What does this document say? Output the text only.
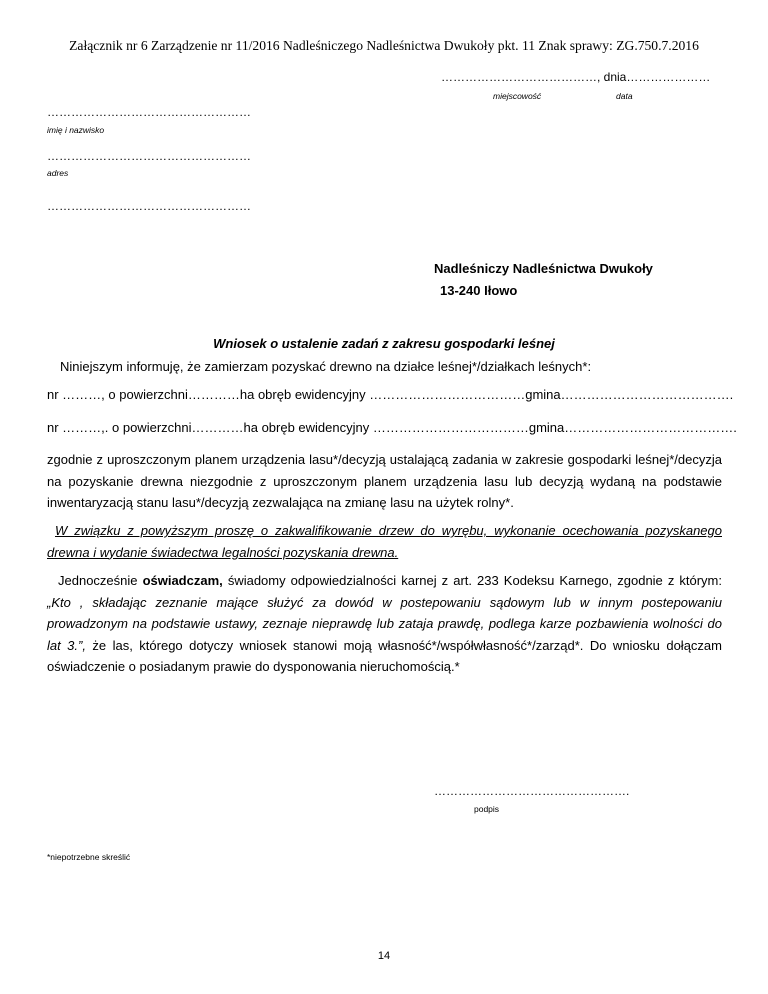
Załącznik nr 6 Zarządzenie nr 11/2016 Nadleśniczego Nadleśnictwa Dwukoły pkt. 11 Znak sprawy: ZG.750.7.2016
…………………………………, dnia…………………
miejscowość	data
……………………………………………
imię i nazwisko
……………………………………………
adres
……………………………………………
Nadleśniczy Nadleśnictwa Dwukoły
13-240 Iłowo
Wniosek o ustalenie zadań z zakresu gospodarki leśnej
Niniejszym informuję, że zamierzam pozyskać drewno na działce leśnej*/działkach leśnych*:
nr ………, o powierzchni…………ha obręb ewidencyjny ………………………………gmina………………………………….
nr ………,. o powierzchni…………ha obręb ewidencyjny ………………………………gmina………………………………….
zgodnie z uproszczonym planem urządzenia lasu*/decyzją ustalającą zadania w zakresie gospodarki leśnej*/decyzja na pozyskanie drewna niezgodnie z uproszczonym planem urządzenia lasu lub decyzją wydaną na podstawie inwentaryzacją stanu lasu*/decyzją zezwalająca na zmianę lasu na użytek rolny*.
W związku z powyższym proszę o zakwalifikowanie drzew do wyrębu, wykonanie ocechowania pozyskanego drewna i wydanie świadectwa legalności pozyskania drewna.
Jednocześnie oświadczam, świadomy odpowiedzialności karnej z art. 233 Kodeksu Karnego, zgodnie z którym: „Kto , składając zeznanie mające służyć za dowód w postepowaniu sądowym lub w innym postepowaniu prowadzonym na podstawie ustawy, zeznaje nieprawdę lub zataja prawdę, podlega karze pozbawienia wolności do lat 3.”, że las, którego dotyczy wniosek stanowi moją własność*/współwłasność*/zarząd*. Do wniosku dołączam oświadczenie o posiadanym prawie do dysponowania nieruchomością.*
………………………………………….
podpis
*niepotrzebne skreślić
14
